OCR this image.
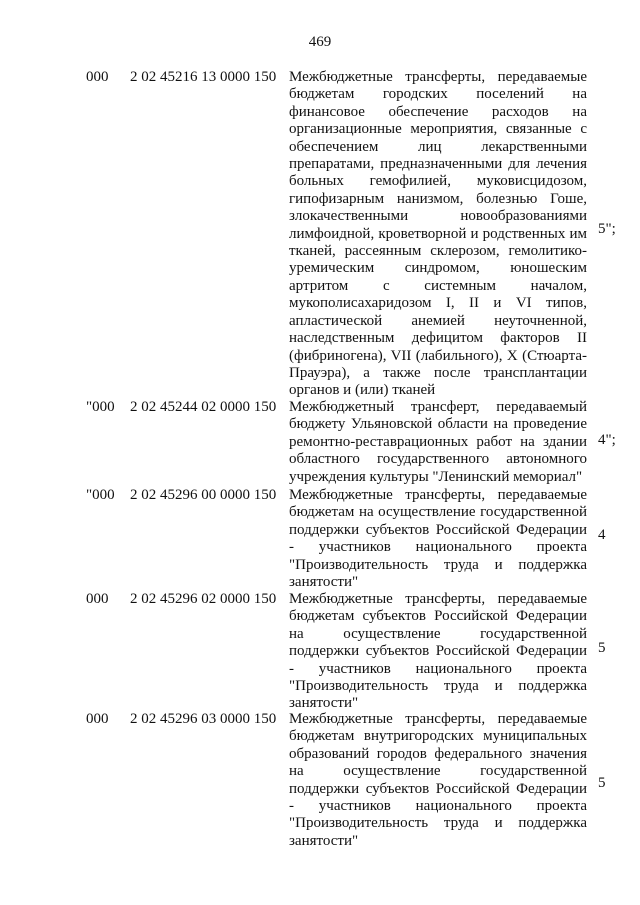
469
000 2 02 45216 13 0000 150 Межбюджетные трансферты, передаваемые бюджетам городских поселений на финансовое обеспечение расходов на организационные мероприятия, связанные с обеспечением лиц лекарственными препаратами, предназначенными для лечения больных гемофилией, муковисцидозом, гипофизарным нанизмом, болезнью Гоше, злокачественными новообразованиями лимфоидной, кроветворной и родственных им тканей, рассеянным склерозом, гемолитико-уремическим синдромом, юношеским артритом с системным началом, мукополисахаридозом I, II и VI типов, апластической анемией неуточненной, наследственным дефицитом факторов II (фибриногена), VII (лабильного), X (Стюарта-Прауэра), а также после трансплантации органов и (или) тканей
5";
"000 2 02 45244 02 0000 150 Межбюджетный трансферт, передаваемый бюджету Ульяновской области на проведение ремонтно-реставрационных работ на здании областного государственного автономного учреждения культуры "Ленинский мемориал"
4";
"000 2 02 45296 00 0000 150 Межбюджетные трансферты, передаваемые бюджетам на осуществление государственной поддержки субъектов Российской Федерации - участников национального проекта "Производительность труда и поддержка занятости"
4
000 2 02 45296 02 0000 150 Межбюджетные трансферты, передаваемые бюджетам субъектов Российской Федерации на осуществление государственной поддержки субъектов Российской Федерации - участников национального проекта "Производительность труда и поддержка занятости"
5
000 2 02 45296 03 0000 150 Межбюджетные трансферты, передаваемые бюджетам внутригородских муниципальных образований городов федерального значения на осуществление государственной поддержки субъектов Российской Федерации - участников национального проекта "Производительность труда и поддержка занятости"
5
